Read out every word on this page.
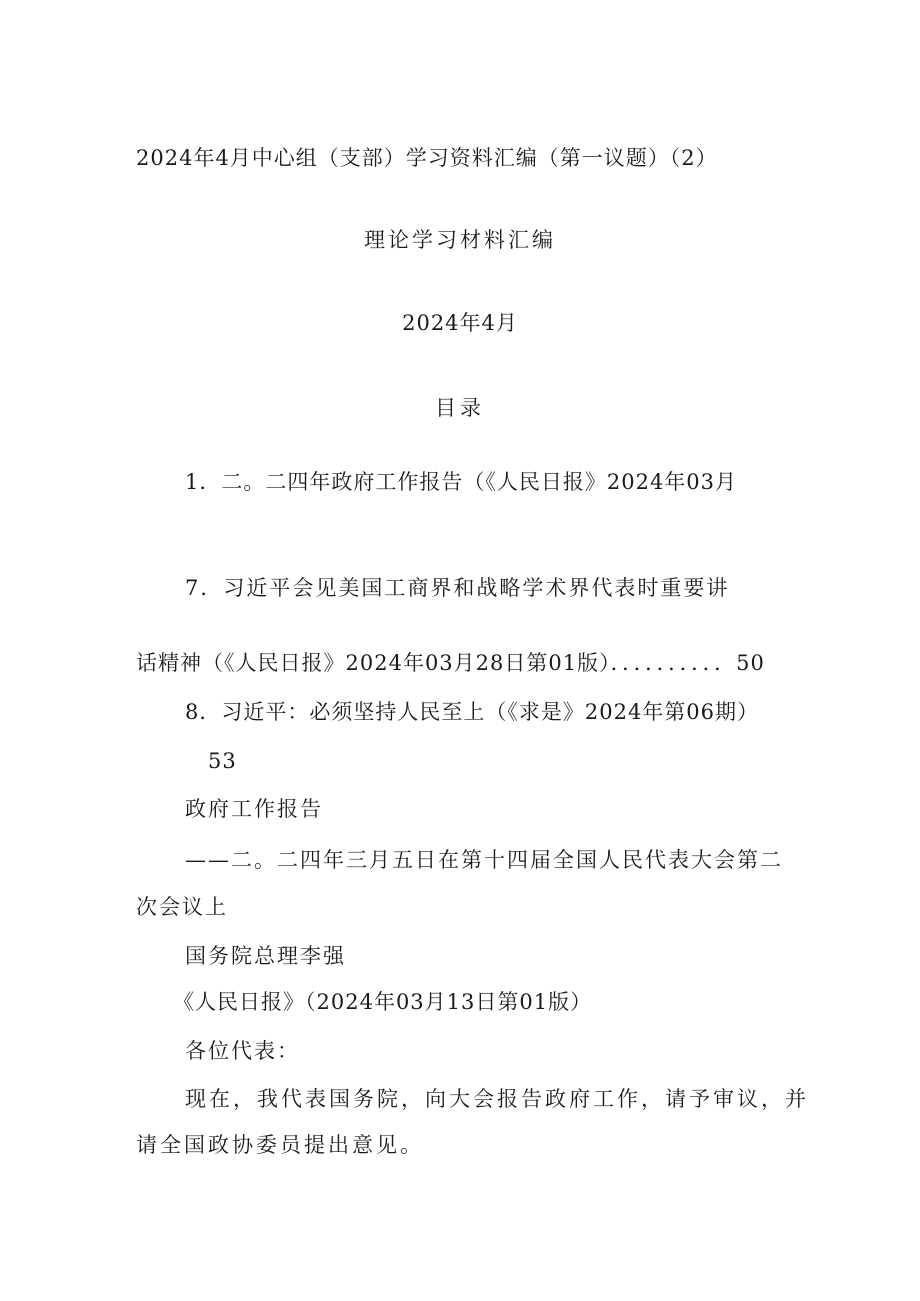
2024年4月中心组（支部）学习资料汇编（第一议题）（2）
理论学习材料汇编
2024年4月
目录
1．二。二四年政府工作报告（《人民日报》2024年03月
7．习近平会见美国工商界和战略学术界代表时重要讲
话精神（《人民日报》2024年03月28日第01版）．．．．．．．．．．50
8．习近平：必须坚持人民至上（《求是》2024年第06期）
53
政府工作报告
——二。二四年三月五日在第十四届全国人民代表大会第二
次会议上
国务院总理李强
《人民日报》（2024年03月13日第01版）
各位代表：
现在，我代表国务院，向大会报告政府工作，请予审议，并
请全国政协委员提出意见。
